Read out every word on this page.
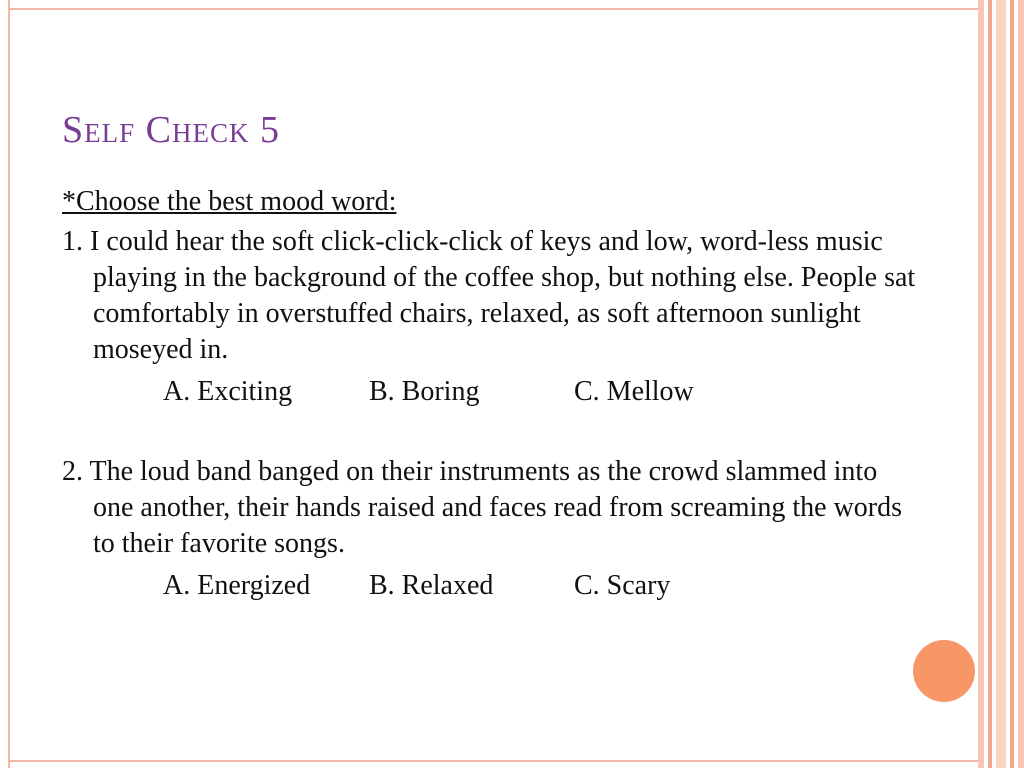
Self Check 5
*Choose the best mood word:
1. I could hear the soft click-click-click of keys and low, word-less music playing in the background of the coffee shop, but nothing else. People sat comfortably in overstuffed chairs, relaxed, as soft afternoon sunlight moseyed in.
A. Exciting	B. Boring	C. Mellow
2. The loud band banged on their instruments as the crowd slammed into one another, their hands raised and faces read from screaming the words to their favorite songs.
A. Energized B. Relaxed	C. Scary
